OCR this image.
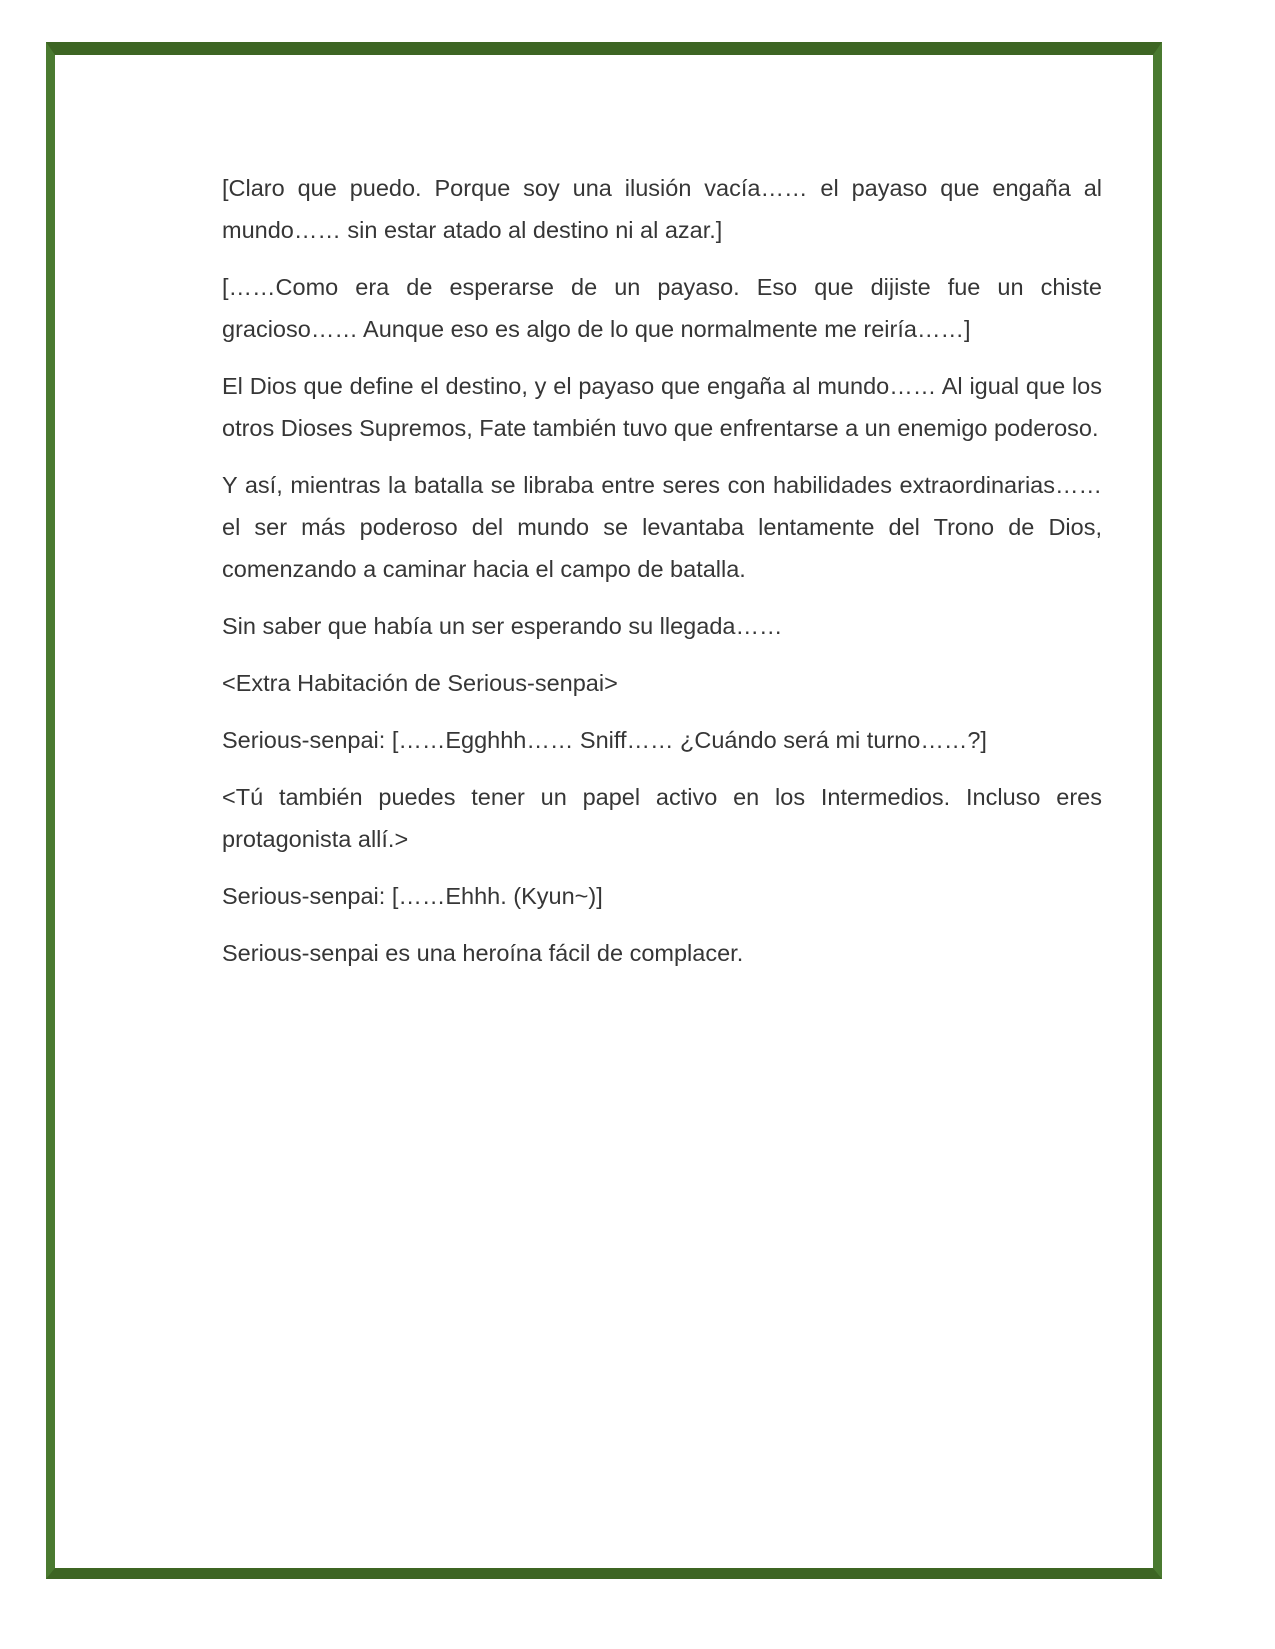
[Claro que puedo. Porque soy una ilusión vacía…… el payaso que engaña al mundo…… sin estar atado al destino ni al azar.]

[……Como era de esperarse de un payaso. Eso que dijiste fue un chiste gracioso…… Aunque eso es algo de lo que normalmente me reiría……]

El Dios que define el destino, y el payaso que engaña al mundo…… Al igual que los otros Dioses Supremos, Fate también tuvo que enfrentarse a un enemigo poderoso.

Y así, mientras la batalla se libraba entre seres con habilidades extraordinarias…… el ser más poderoso del mundo se levantaba lentamente del Trono de Dios, comenzando a caminar hacia el campo de batalla.

Sin saber que había un ser esperando su llegada……

<Extra Habitación de Serious-senpai>

Serious-senpai: [……Egghhh…… Sniff…… ¿Cuándo será mi turno……?]

<Tú también puedes tener un papel activo en los Intermedios. Incluso eres protagonista allí.>

Serious-senpai: [……Ehhh. (Kyun~)]

Serious-senpai es una heroína fácil de complacer.
